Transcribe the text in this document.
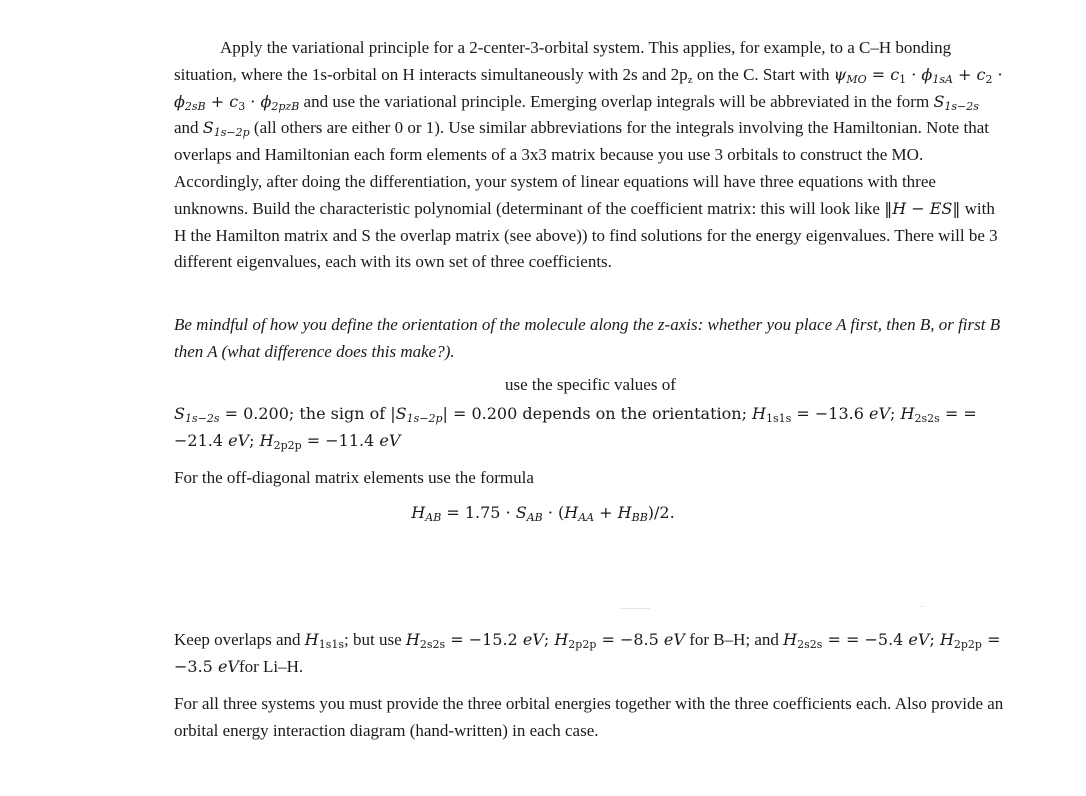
Apply the variational principle for a 2-center-3-orbital system. This applies, for example, to a C–H bonding situation, where the 1s-orbital on H interacts simultaneously with 2s and $2p_z$ on the C. Start with $\psi_{MO} = c_1 \cdot \phi_{1sA} + c_2 \cdot \phi_{2sB} + c_3 \cdot \phi_{2pzB}$ and use the variational principle. Emerging overlap integrals will be abbreviated in the form $S_{1s-2s}$ and $S_{1s-2p}$ (all others are either 0 or 1). Use similar abbreviations for the integrals involving the Hamiltonian. Note that overlaps and Hamiltonian each form elements of a 3x3 matrix because you use 3 orbitals to construct the MO. Accordingly, after doing the differentiation, your system of linear equations will have three equations with three unknowns. Build the characteristic polynomial (determinant of the coefficient matrix: this will look like ‖H − ES‖ with H the Hamilton matrix and S the overlap matrix (see above)) to find solutions for the energy eigenvalues. There will be 3 different eigenvalues, each with its own set of three coefficients.
Be mindful of how you define the orientation of the molecule along the z-axis: whether you place A first, then B, or first B then A (what difference does this make?).
use the specific values of
$S_{1s-2s} = 0.200$; the sign of $|S_{1s-2p}| = 0.200$ depends on the orientation; $H_{1s1s} = -13.6$ eV; $H_{2s2s}$ = = −21.4 eV; $H_{2p2p} = -11.4$ eV
For the off-diagonal matrix elements use the formula
$H_{AB} = 1.75 \cdot S_{AB} \cdot (H_{AA} + H_{BB})/2$.
Keep overlaps and $H_{1s1s}$; but use $H_{2s2s} = -15.2$ eV; $H_{2p2p} = -8.5$ eV for B–H; and $H_{2s2s}$ = = −5.4 eV; $H_{2p2p} = -3.5$ eVfor Li–H.
For all three systems you must provide the three orbital energies together with the three coefficients each. Also provide an orbital energy interaction diagram (hand-written) in each case.
